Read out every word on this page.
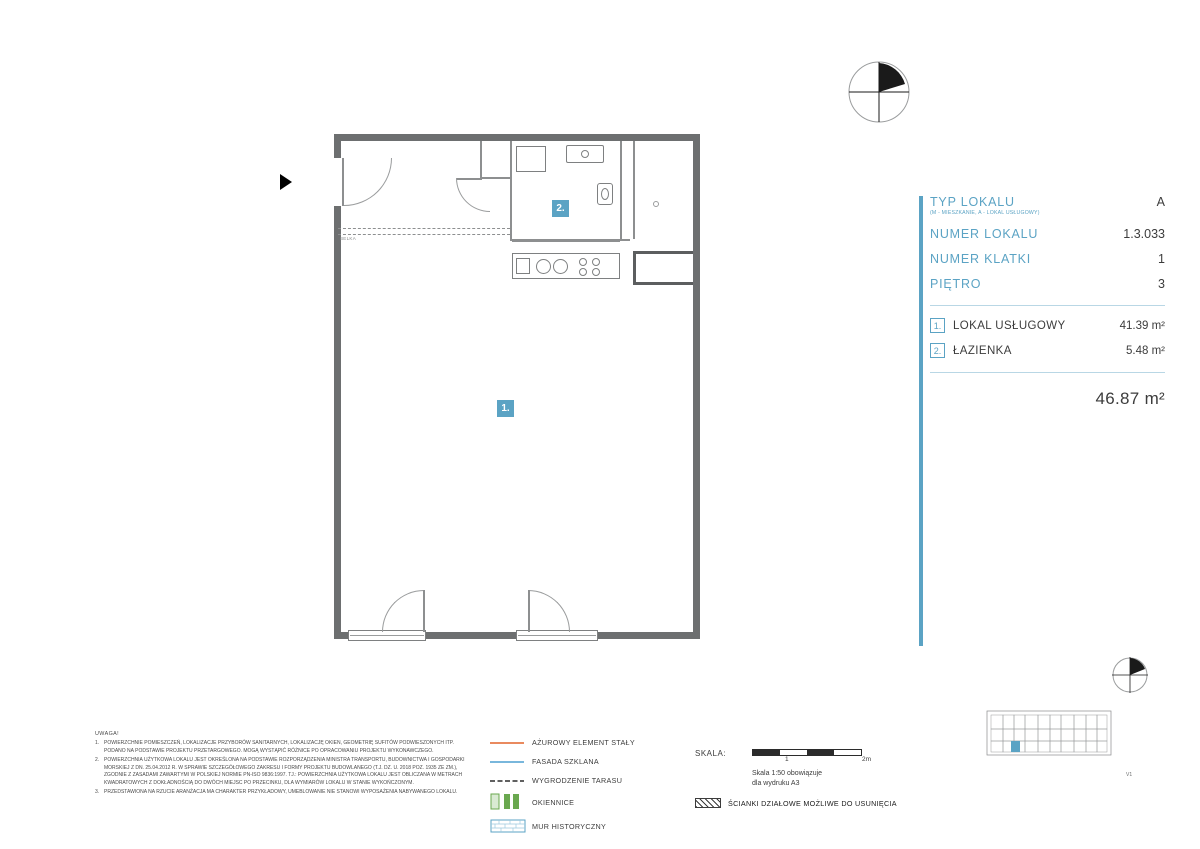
BELKA
1.
2.	TYP LOKALU
(M - MIESZKANIE, A - LOKAL USŁUGOWY)
A
NUMER LOKALU	1.3.033
NUMER KLATKI	1
PIĘTRO	3
1.	LOKAL USŁUGOWY	41.39 m²
2.	ŁAZIENKA	5.48 m²
46.87 m²
UWAGA!
1. POWIERZCHNIE POMIESZCZEŃ, LOKALIZACJE PRZYBORÓW SANITARNYCH, LOKALIZACJĘ OKIEN, GEOMETRIĘ SUFITÓW PODWIESZONYCH ITP. PODANO NA PODSTAWIE PROJEKTU PRZETARGOWEGO. MOGĄ WYSTĄPIĆ RÓŻNICE PO OPRACOWANIU PROJEKTU WYKONAWCZEGO.
2. POWIERZCHNIA UŻYTKOWA LOKALU JEST OKREŚLONA NA PODSTAWIE ROZPORZĄDZENIA MINISTRA TRANSPORTU, BUDOWNICTWA I GOSPODARKI MORSKIEJ Z DN. 25.04.2012 R. W SPRAWIE SZCZEGÓŁOWEGO ZAKRESU I FORMY PROJEKTU BUDOWLANEGO (T.J. DZ. U. 2018 POZ. 1935 ZE ZM.), ZGODNIE Z ZASADAMI ZAWARTYMI W POLSKIEJ NORMIE PN-ISO 9836:1997. TJ.: POWIERZCHNIA UŻYTKOWA LOKALU JEST OBLICZANA W METRACH KWADRATOWYCH Z DOKŁADNOŚCIĄ DO DWÓCH MIEJSC PO PRZECINKU, DLA WYMIARÓW LOKALU W STANIE WYKOŃCZONYM.
3. PRZEDSTAWIONA NA RZUCIE ARANŻACJA MA CHARAKTER PRZYKŁADOWY, UMEBLOWANIE NIE STANOWI WYPOSAŻENIA NABYWANEGO LOKALU.
AŻUROWY ELEMENT STAŁY
FASADA SZKLANA
WYGRODZENIE TARASU
OKIENNICE
MUR HISTORYCZNY
SKALA:
1	2m
Skala 1:50 obowiązuje
dla wydruku A3
ŚCIANKI DZIAŁOWE MOŻLIWE DO USUNIĘCIA
V1
